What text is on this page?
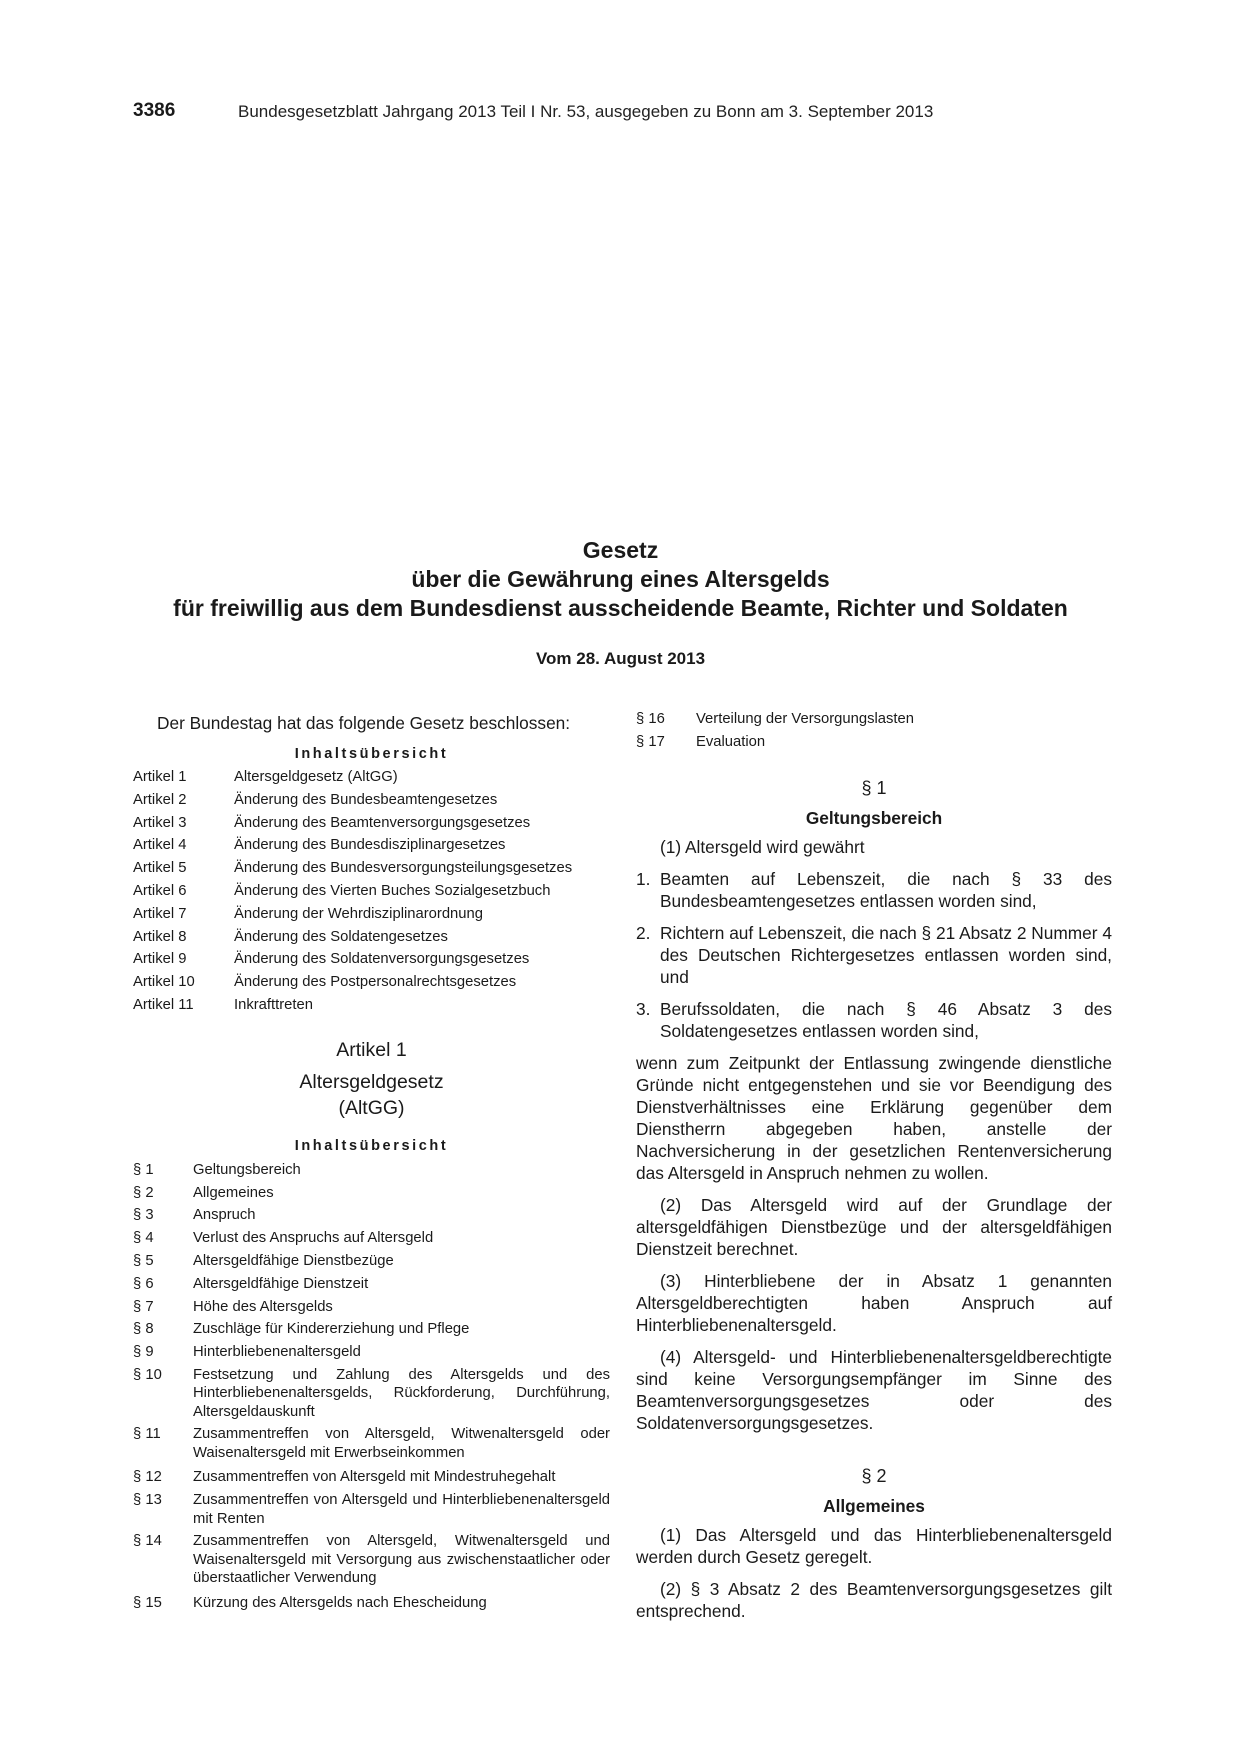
3386	Bundesgesetzblatt Jahrgang 2013 Teil I Nr. 53, ausgegeben zu Bonn am 3. September 2013
Gesetz
über die Gewährung eines Altersgelds
für freiwillig aus dem Bundesdienst ausscheidende Beamte, Richter und Soldaten
Vom 28. August 2013

Der Bundestag hat das folgende Gesetz beschlossen:

Inhaltsübersicht
Artikel 1	Altersgeldgesetz (AltGG)
Artikel 2	Änderung des Bundesbeamtengesetzes
Artikel 3	Änderung des Beamtenversorgungsgesetzes
Artikel 4	Änderung des Bundesdisziplinargesetzes
Artikel 5	Änderung des Bundesversorgungsteilungsgesetzes
Artikel 6	Änderung des Vierten Buches Sozialgesetzbuch
Artikel 7	Änderung der Wehrdisziplinarordnung
Artikel 8	Änderung des Soldatengesetzes
Artikel 9	Änderung des Soldatenversorgungsgesetzes
Artikel 10	Änderung des Postpersonalrechtsgesetzes
Artikel 11	Inkrafttreten
Artikel 1
Altersgeldgesetz
(AltGG)
Inhaltsübersicht
§ 1	Geltungsbereich
§ 2	Allgemeines
§ 3	Anspruch
§ 4	Verlust des Anspruchs auf Altersgeld
§ 5	Altersgeldfähige Dienstbezüge
§ 6	Altersgeldfähige Dienstzeit
§ 7	Höhe des Altersgelds
§ 8	Zuschläge für Kindererziehung und Pflege
§ 9	Hinterbliebenenaltersgeld
§ 10	Festsetzung und Zahlung des Altersgelds und des Hinterbliebenenaltersgelds, Rückforderung, Durchführung, Altersgeldauskunft
§ 11	Zusammentreffen von Altersgeld, Witwenaltersgeld oder Waisenaltersgeld mit Erwerbseinkommen
§ 12	Zusammentreffen von Altersgeld mit Mindestruhegehalt
§ 13	Zusammentreffen von Altersgeld und Hinterbliebenenaltersgeld mit Renten
§ 14	Zusammentreffen von Altersgeld, Witwenaltersgeld und Waisenaltersgeld mit Versorgung aus zwischenstaatlicher oder überstaatlicher Verwendung
§ 15	Kürzung des Altersgelds nach Ehescheidung
§ 16	Verteilung der Versorgungslasten
§ 17	Evaluation
§ 1
Geltungsbereich

(1) Altersgeld wird gewährt

1. Beamten auf Lebenszeit, die nach § 33 des Bundesbeamtengesetzes entlassen worden sind,
2. Richtern auf Lebenszeit, die nach § 21 Absatz 2 Nummer 4 des Deutschen Richtergesetzes entlassen worden sind, und
3. Berufssoldaten, die nach § 46 Absatz 3 des Soldatengesetzes entlassen worden sind,

wenn zum Zeitpunkt der Entlassung zwingende dienstliche Gründe nicht entgegenstehen und sie vor Beendigung des Dienstverhältnisses eine Erklärung gegenüber dem Dienstherrn abgegeben haben, anstelle der Nachversicherung in der gesetzlichen Rentenversicherung das Altersgeld in Anspruch nehmen zu wollen.

(2) Das Altersgeld wird auf der Grundlage der altersgeldfähigen Dienstbezüge und der altersgeldfähigen Dienstzeit berechnet.

(3) Hinterbliebene der in Absatz 1 genannten Altersgeldberechtigten haben Anspruch auf Hinterbliebenenaltersgeld.

(4) Altersgeld- und Hinterbliebenenaltersgeldberechtigte sind keine Versorgungsempfänger im Sinne des Beamtenversorgungsgesetzes oder des Soldatenversorgungsgesetzes.

§ 2
Allgemeines

(1) Das Altersgeld und das Hinterbliebenenaltersgeld werden durch Gesetz geregelt.

(2) § 3 Absatz 2 des Beamtenversorgungsgesetzes gilt entsprechend.
